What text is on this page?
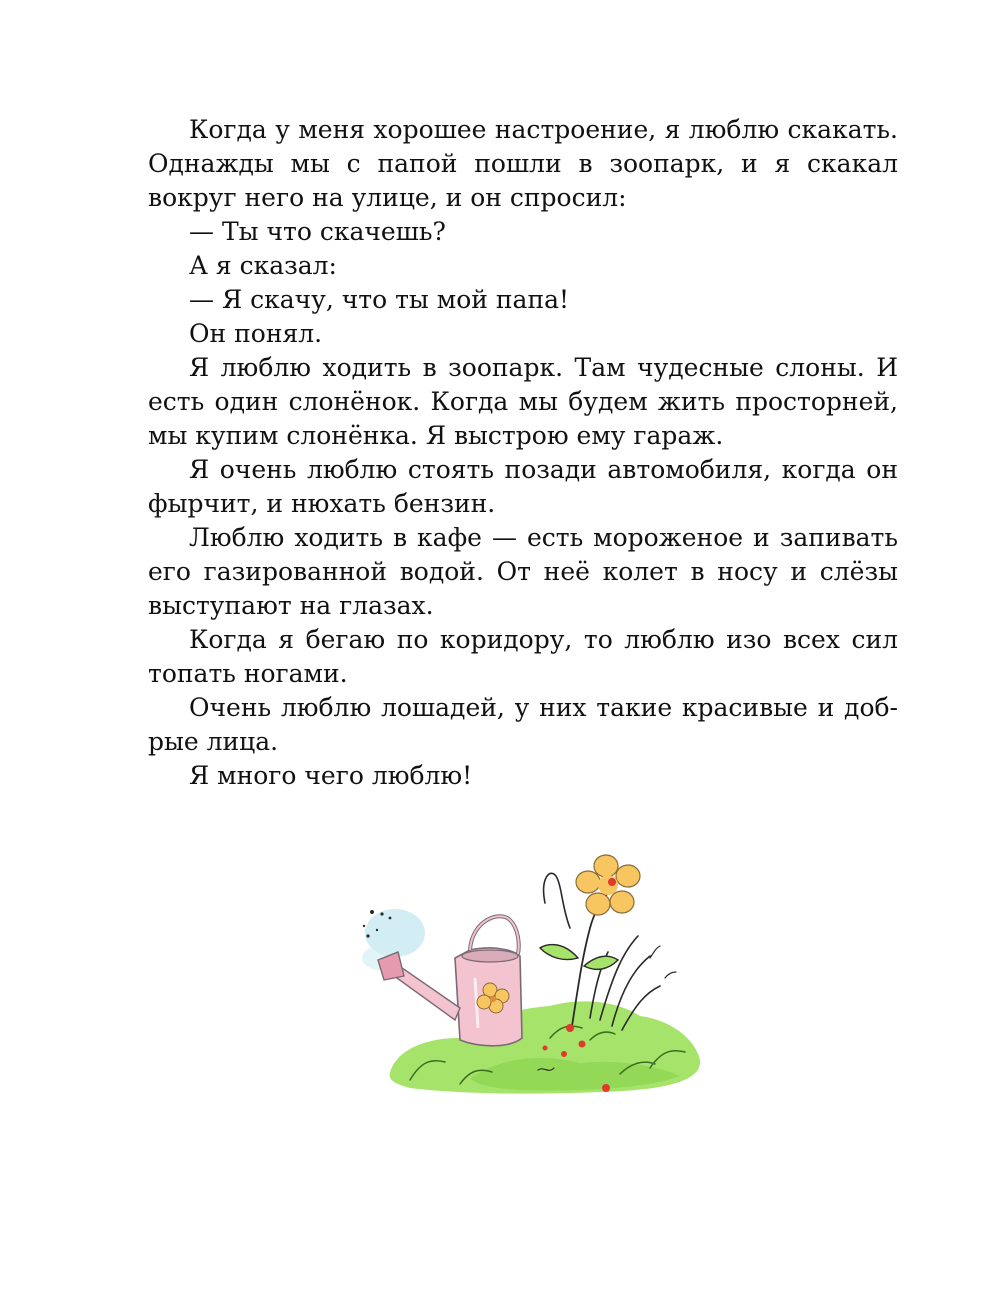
Когда у меня хорошее настроение, я люблю скакать. Однажды мы с папой пошли в зоопарк, и я скакал вокруг него на улице, и он спросил:

— Ты что скачешь?

А я сказал:

— Я скачу, что ты мой папа!

Он понял.

Я люблю ходить в зоопарк. Там чудесные слоны. И есть один слонёнок. Когда мы будем жить просторней, мы купим слонёнка. Я выстрою ему гараж.

Я очень люблю стоять позади автомобиля, когда он фырчит, и нюхать бензин.

Люблю ходить в кафе — есть мороженое и запивать его газированной водой. От неё колет в носу и слёзы выступают на глазах.

Когда я бегаю по коридору, то люблю изо всех сил топать ногами.

Очень люблю лошадей, у них такие красивые и добрые лица.

Я много чего люблю!
